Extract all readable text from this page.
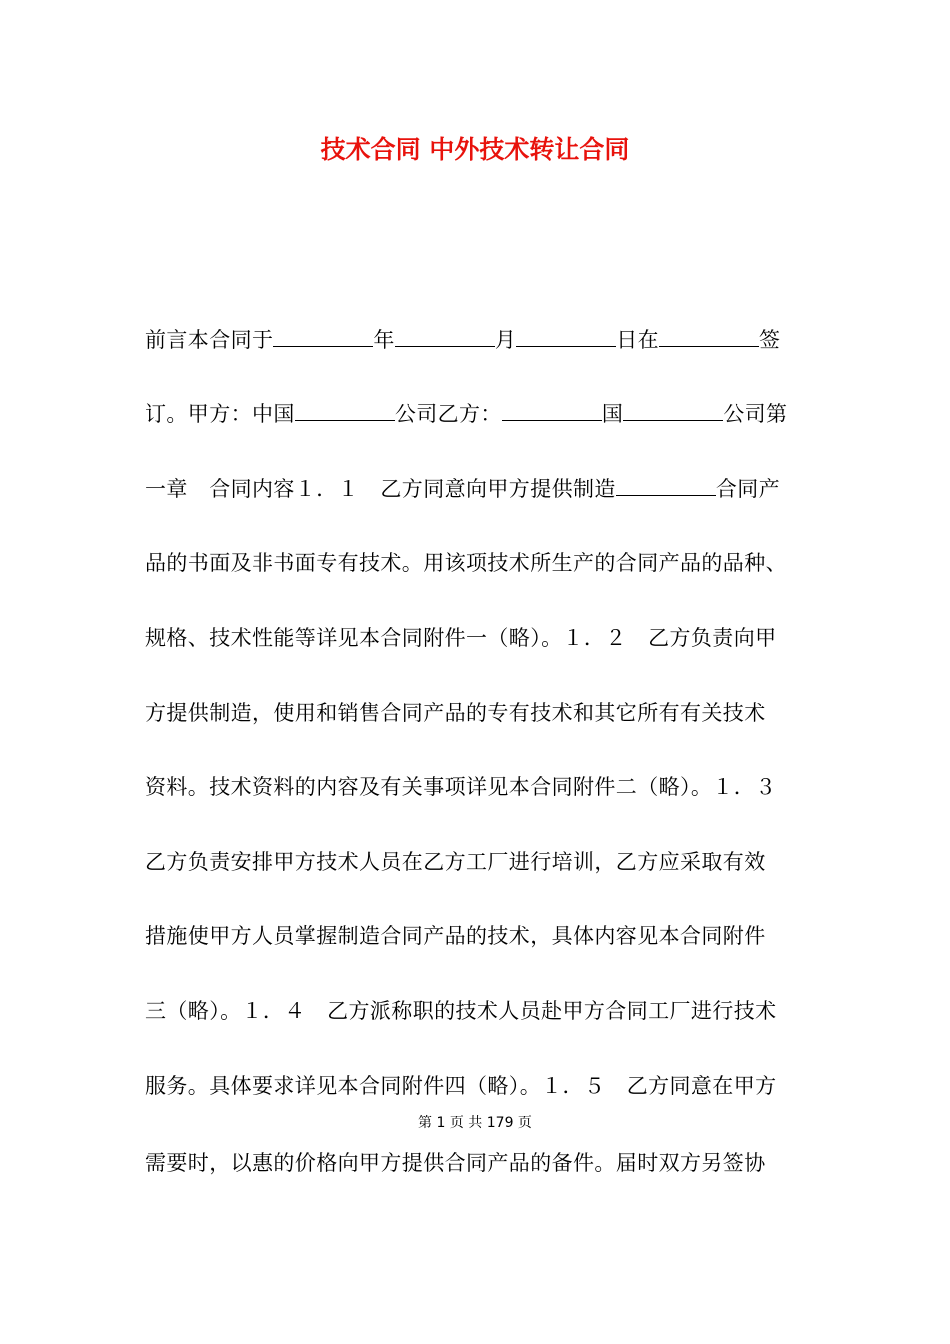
技术合同 中外技术转让合同
前言本合同于	年	月	日在	签
订。甲方：中国	公司乙方：	国	公司第
一章　合同内容１．１　乙方同意向甲方提供制造	合同产
品的书面及非书面专有技术。用该项技术所生产的合同产品的品种、
规格、技术性能等详见本合同附件一（略）。１．２　乙方负责向甲
方提供制造，使用和销售合同产品的专有技术和其它所有有关技术
资料。技术资料的内容及有关事项详见本合同附件二（略）。１．３
乙方负责安排甲方技术人员在乙方工厂进行培训，乙方应采取有效
措施使甲方人员掌握制造合同产品的技术，具体内容见本合同附件
三（略）。１．４　乙方派称职的技术人员赴甲方合同工厂进行技术
服务。具体要求详见本合同附件四（略）。１．５　乙方同意在甲方
第 1 页 共 179 页
需要时，以惠的价格向甲方提供合同产品的备件。届时双方另签协
